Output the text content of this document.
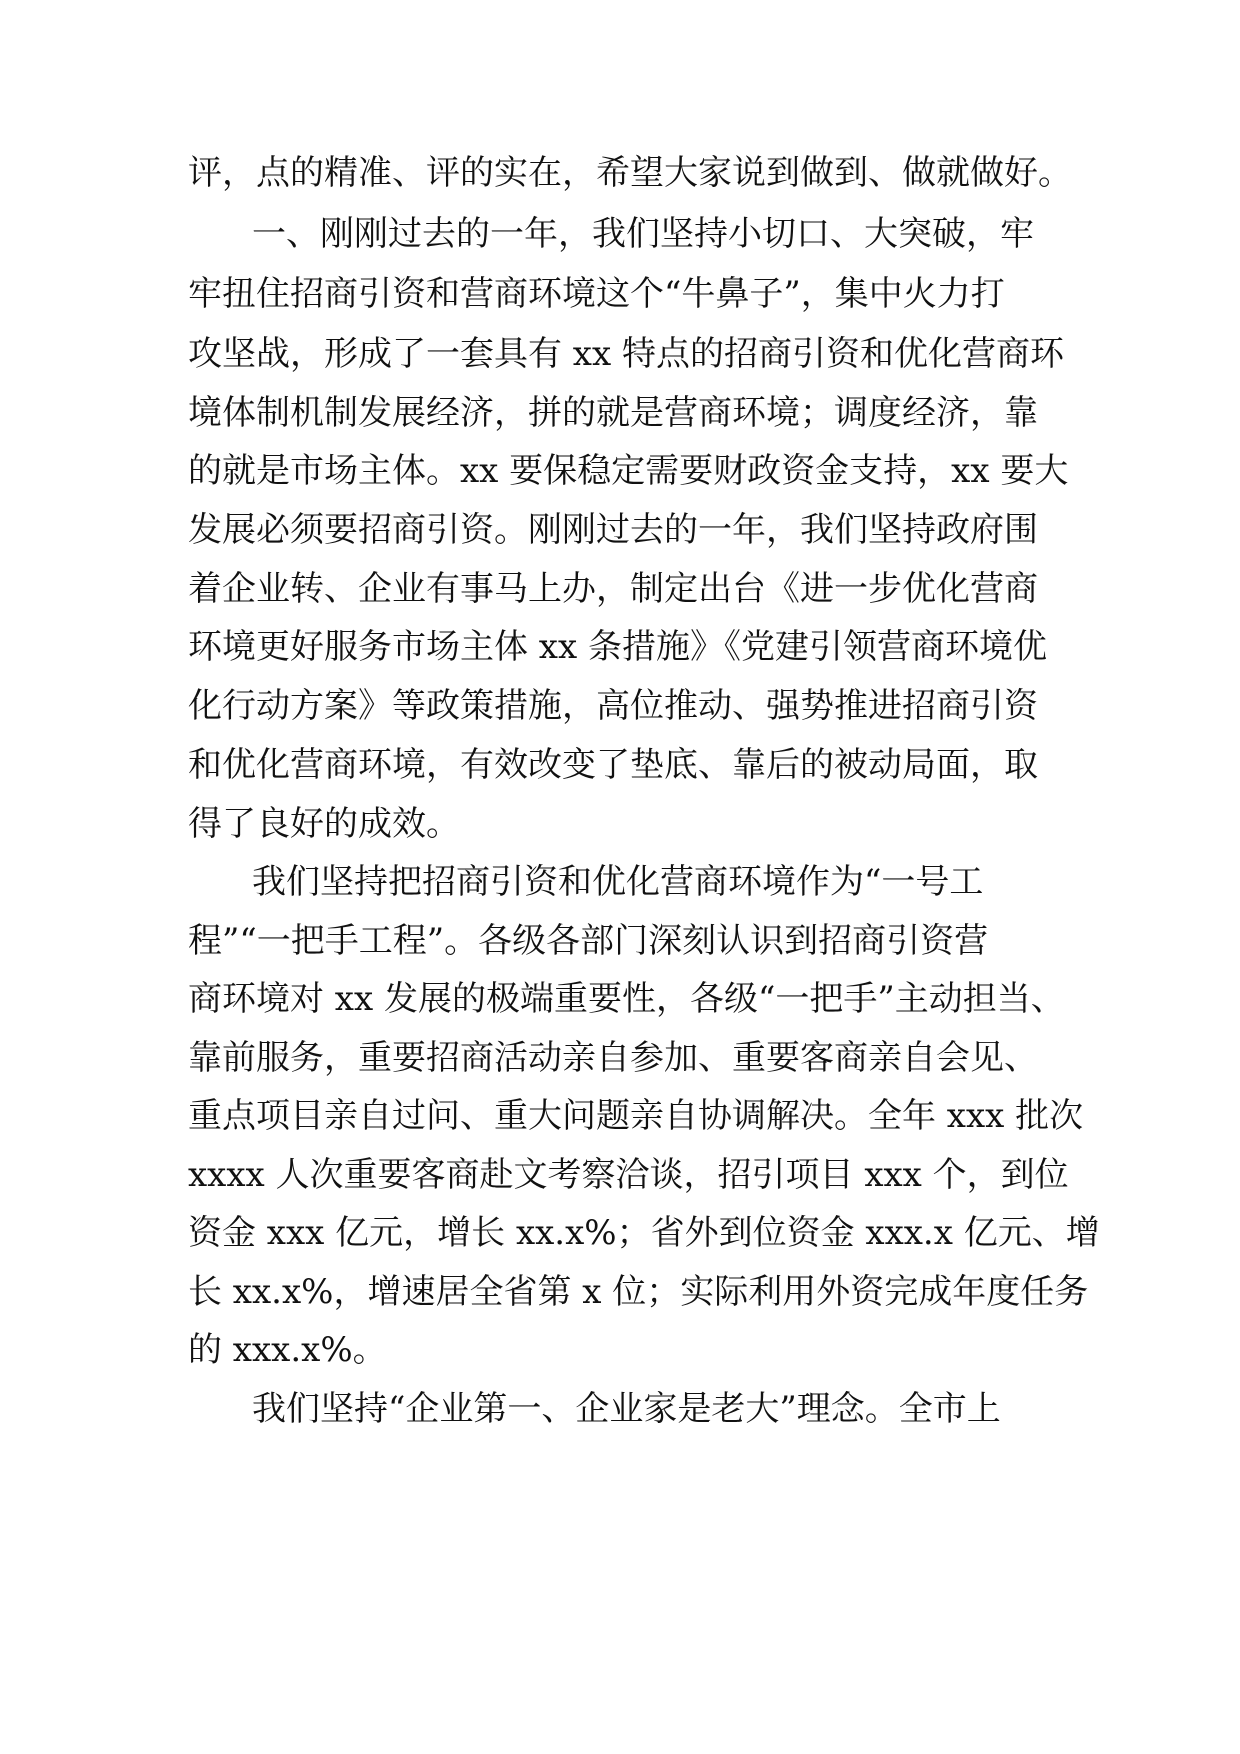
评，点的精准、评的实在，希望大家说到做到、做就做好。
一、刚刚过去的一年，我们坚持小切口、大突破，牢
牢扭住招商引资和营商环境这个“牛鼻子”，集中火力打
攻坚战，形成了一套具有 xx 特点的招商引资和优化营商环
境体制机制发展经济，拼的就是营商环境；调度经济，靠
的就是市场主体。xx 要保稳定需要财政资金支持，xx 要大
发展必须要招商引资。刚刚过去的一年，我们坚持政府围
着企业转、企业有事马上办，制定出台《进一步优化营商
环境更好服务市场主体 xx 条措施》《党建引领营商环境优
化行动方案》等政策措施，高位推动、强势推进招商引资
和优化营商环境，有效改变了垫底、靠后的被动局面，取
得了良好的成效。
我们坚持把招商引资和优化营商环境作为“一号工
程”“一把手工程”。各级各部门深刻认识到招商引资营
商环境对 xx 发展的极端重要性，各级“一把手”主动担当、
靠前服务，重要招商活动亲自参加、重要客商亲自会见、
重点项目亲自过问、重大问题亲自协调解决。全年 xxx 批次
xxxx 人次重要客商赴文考察洽谈，招引项目 xxx 个，到位
资金 xxx 亿元，增长 xx.x%；省外到位资金 xxx.x 亿元、增
长 xx.x%，增速居全省第 x 位；实际利用外资完成年度任务
的 xxx.x%。
我们坚持“企业第一、企业家是老大”理念。全市上
